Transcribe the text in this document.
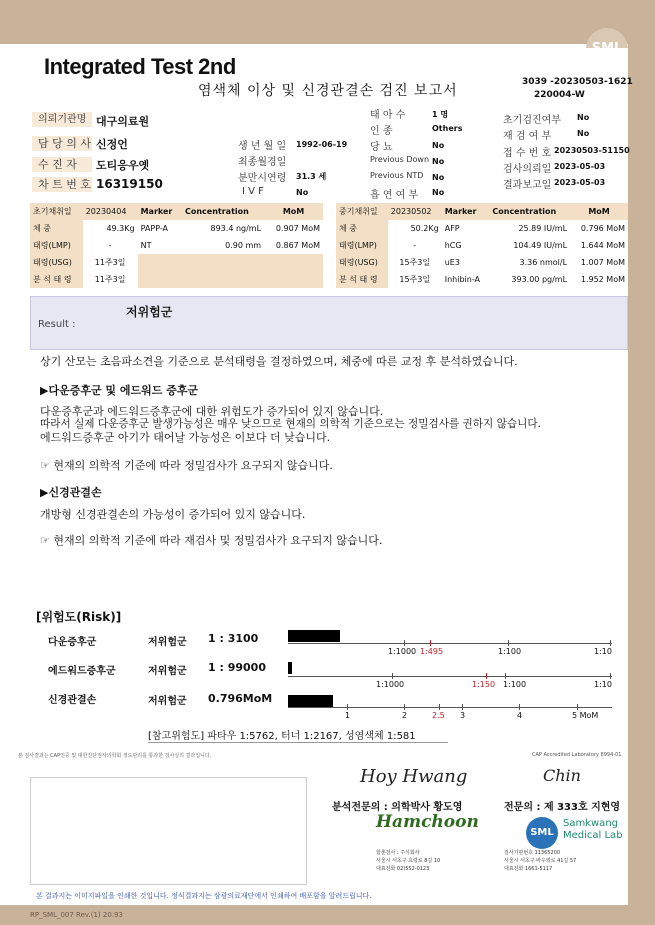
Integrated Test 2nd
염색체 이상 및 신경관결손 검진 보고서
3039 -20230503-1621
220004-W
의뢰기관명 대구의료원
담 당 의 사 신정언
수 진 자	도티응우옛
차 트 번 호 16319150
생 년 월 일 1992-06-19
최종월경일
분만시연령 31.3 세
I V F	No
태 아 수	1 명
인 종	Others
당 뇨	No
Previous Down No
Previous NTD No
흡 연 여 부 No
초기검진여부 No
재 검 여 부	No
접 수 번 호 20230503-51150
검사의뢰일 2023-05-03
결과보고일 2023-05-03
초기채취일	20230404	Marker	Concentration	MoM
체 중	49.3Kg	PAPP-A	893.4 ng/mL	0.907 MoM
태령(LMP)	-	NT	0.90 mm	0.867 MoM
태령(USG)	11주3일			
분 석 태 령	11주3일			
중기채취일	20230502	Marker	Concentration	MoM
체 중	50.2Kg	AFP	25.89 IU/mL	0.796 MoM
태령(LMP)	-	hCG	104.49 IU/mL	1.644 MoM
태령(USG)	15주3일	uE3	3.36 nmol/L	1.007 MoM
분 석 태 령	15주3일	Inhibin-A	393.00 pg/mL	1.952 MoM
Result :
저위험군
상기 산모는 초음파소견을 기준으로 분석태령을 결정하였으며, 체중에 따른 교정 후 분석하였습니다.
▶다운증후군 및 에드워드 증후군
다운증후군과 에드워드증후군에 대한 위험도가 증가되어 있지 않습니다.
따라서 실제 다운증후군 발생가능성은 매우 낮으므로 현재의 의학적 기준으로는 정밀검사를 권하지 않습니다.
에드워드증후군 아기가 태어날 가능성은 이보다 더 낮습니다.
☞ 현재의 의학적 기준에 따라 정밀검사가 요구되지 않습니다.
▶신경관결손
개방형 신경관결손의 가능성이 증가되어 있지 않습니다.
☞ 현재의 의학적 기준에 따라 재검사 및 정밀검사가 요구되지 않습니다.
[위험도(Risk)]
다운증후군	저위험군 1 : 3100
1:1000 1:495	1:100	1:10
에드워드증후군	저위험군 1 : 99000
1:1000	1:150 1:100	1:10
신경관결손	저위험군 0.796MoM
1	2	2.5 3	4	5 MoM
[참고위험도] 파타우 1:5762, 터너 1:2167, 성염색체 1:581
본 검사결과는 CAP인증 및 대한진단검사의학회 정도관리를 통과한 검사실의 결과입니다.	CAP Accredited Laboratory 8994-01
Hoy Hwang	Chin
분석전문의 : 의학박사 황도영	전문의 : 제 333호 지현영
Hamchoon
SML
Samkwang
Medical Lab
함춘검사 : 주식회사
서울시 서초구 효령로 8길 10
대표전화 02)552-0123
검사기관번호 11365200
서울시 서초구 바우뫼로 41길 57
대표전화 1661-5117
본 결과지는 이미지파일을 인쇄한 것입니다. 정식결과지는 삼광의료재단에서 인쇄하여 배포함을 알려드립니다.
RP_SML_007 Rev.(1) 20.93
